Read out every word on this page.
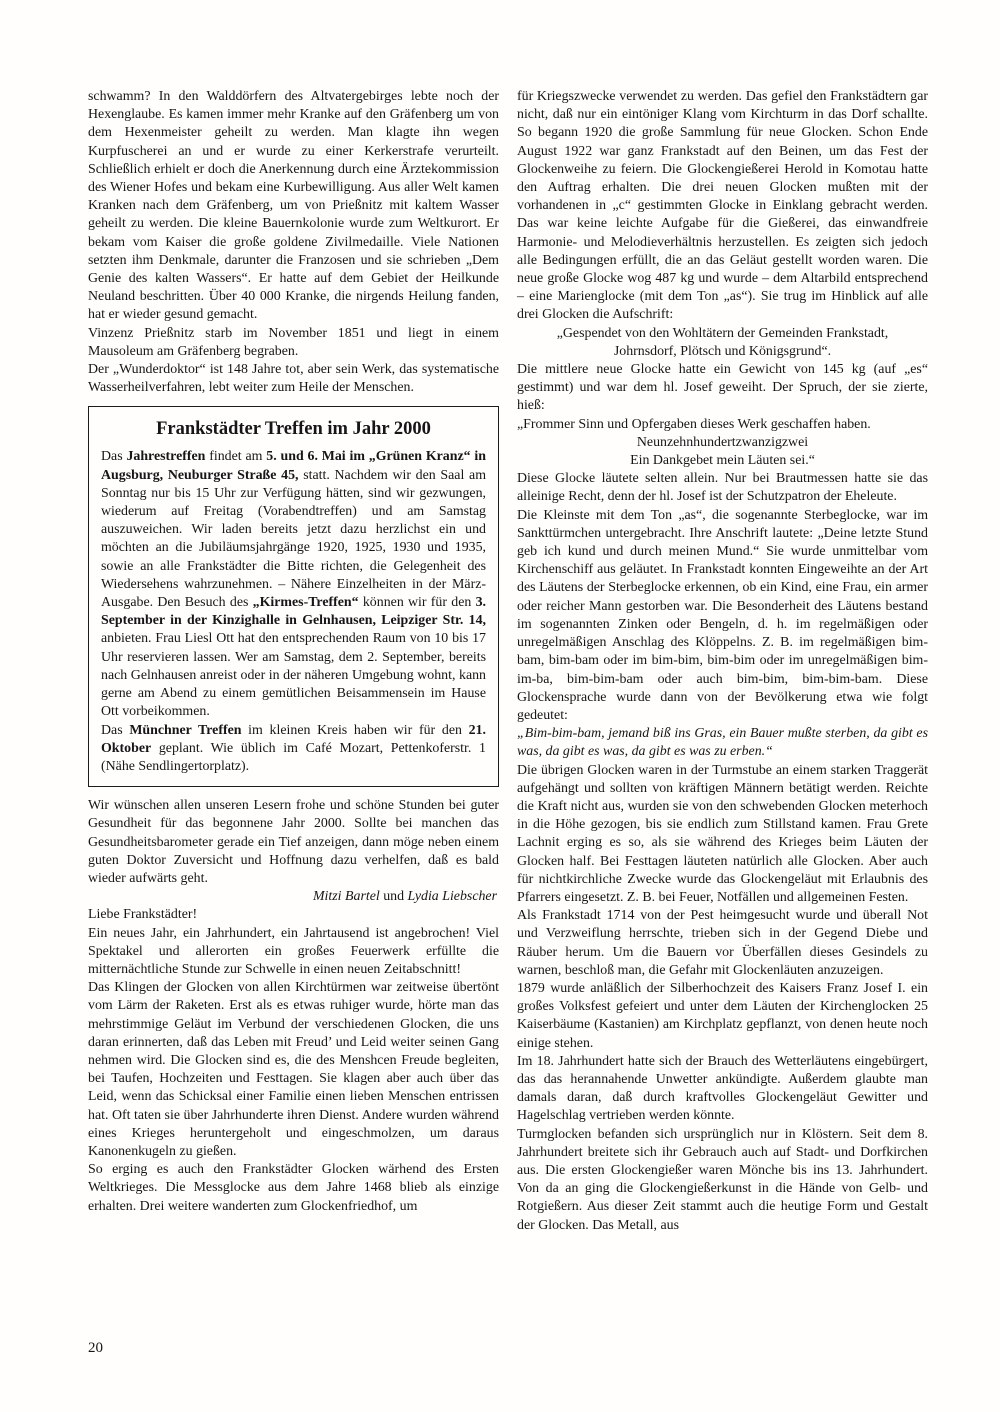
schwamm? In den Walddörfern des Altvatergebirges lebte noch der Hexenglaube. Es kamen immer mehr Kranke auf den Gräfenberg um von dem Hexenmeister geheilt zu werden. Man klagte ihn wegen Kurpfuscherei an und er wurde zu einer Kerkerstrafe verurteilt. Schließlich erhielt er doch die Anerkennung durch eine Ärztekommission des Wiener Hofes und bekam eine Kurbewilligung. Aus aller Welt kamen Kranken nach dem Gräfenberg, um von Prießnitz mit kaltem Wasser geheilt zu werden. Die kleine Bauernkolonie wurde zum Weltkurort. Er bekam vom Kaiser die große goldene Zivilmedaille. Viele Nationen setzten ihm Denkmale, darunter die Franzosen und sie schrieben „Dem Genie des kalten Wassers“. Er hatte auf dem Gebiet der Heilkunde Neuland beschritten. Über 40 000 Kranke, die nirgends Heilung fanden, hat er wieder gesund gemacht.

Vinzenz Prießnitz starb im November 1851 und liegt in einem Mausoleum am Gräfenberg begraben.

Der „Wunderdoktor“ ist 148 Jahre tot, aber sein Werk, das systematische Wasserheilverfahren, lebt weiter zum Heile der Menschen.

Frankstädter Treffen im Jahr 2000

Das Jahrestreffen findet am 5. und 6. Mai im „Grünen Kranz“ in Augsburg, Neuburger Straße 45, statt. Nachdem wir den Saal am Sonntag nur bis 15 Uhr zur Verfügung hätten, sind wir gezwungen, wiederum auf Freitag (Vorabendtreffen) und am Samstag auszuweichen. Wir laden bereits jetzt dazu herzlichst ein und möchten an die Jubiläumsjahrgänge 1920, 1925, 1930 und 1935, sowie an alle Frankstädter die Bitte richten, die Gelegenheit des Wiedersehens wahrzunehmen. – Nähere Einzelheiten in der März-Ausgabe. Den Besuch des „Kirmes-Treffen“ können wir für den 3. September in der Kinzighalle in Gelnhausen, Leipziger Str. 14, anbieten. Frau Liesl Ott hat den entsprechenden Raum von 10 bis 17 Uhr reservieren lassen. Wer am Samstag, dem 2. September, bereits nach Gelnhausen anreist oder in der näheren Umgebung wohnt, kann gerne am Abend zu einem gemütlichen Beisammensein im Hause Ott vorbeikommen.

Das Münchner Treffen im kleinen Kreis haben wir für den 21. Oktober geplant. Wie üblich im Café Mozart, Pettenkoferstr. 1 (Nähe Sendlingertorplatz).

Wir wünschen allen unseren Lesern frohe und schöne Stunden bei guter Gesundheit für das begonnene Jahr 2000. Sollte bei manchen das Gesundheitsbarometer gerade ein Tief anzeigen, dann möge neben einem guten Doktor Zuversicht und Hoffnung dazu verhelfen, daß es bald wieder aufwärts geht.

Mitzi Bartel und Lydia Liebscher

Liebe Frankstädter!

Ein neues Jahr, ein Jahrhundert, ein Jahrtausend ist angebrochen! Viel Spektakel und allerorten ein großes Feuerwerk erfüllte die mitternächtliche Stunde zur Schwelle in einen neuen Zeitabschnitt!

Das Klingen der Glocken von allen Kirchtürmen war zeitweise übertönt vom Lärm der Raketen. Erst als es etwas ruhiger wurde, hörte man das mehrstimmige Geläut im Verbund der verschiedenen Glocken, die uns daran erinnerten, daß das Leben mit Freud’ und Leid weiter seinen Gang nehmen wird. Die Glocken sind es, die des Menshcen Freude begleiten, bei Taufen, Hochzeiten und Festtagen. Sie klagen aber auch über das Leid, wenn das Schicksal einer Familie einen lieben Menschen entrissen hat. Oft taten sie über Jahrhunderte ihren Dienst. Andere wurden während eines Krieges heruntergeholt und eingeschmolzen, um daraus Kanonenkugeln zu gießen.

So erging es auch den Frankstädter Glocken wärhend des Ersten Weltkrieges. Die Messglocke aus dem Jahre 1468 blieb als einzige erhalten. Drei weitere wanderten zum Glockenfriedhof, um

für Kriegszwecke verwendet zu werden. Das gefiel den Frankstädtern gar nicht, daß nur ein eintöniger Klang vom Kirchturm in das Dorf schallte. So begann 1920 die große Sammlung für neue Glocken. Schon Ende August 1922 war ganz Frankstadt auf den Beinen, um das Fest der Glockenweihe zu feiern. Die Glockengießerei Herold in Komotau hatte den Auftrag erhalten. Die drei neuen Glocken mußten mit der vorhandenen in „c“ gestimmten Glocke in Einklang gebracht werden. Das war keine leichte Aufgabe für die Gießerei, das einwandfreie Harmonie- und Melodieverhältnis herzustellen. Es zeigten sich jedoch alle Bedingungen erfüllt, die an das Geläut gestellt worden waren. Die neue große Glocke wog 487 kg und wurde – dem Altarbild entsprechend – eine Marienglocke (mit dem Ton „as“). Sie trug im Hinblick auf alle drei Glocken die Aufschrift:

„Gespendet von den Wohltätern der Gemeinden Frankstadt,

Johrnsdorf, Plötsch und Königsgrund“.

Die mittlere neue Glocke hatte ein Gewicht von 145 kg (auf „es“ gestimmt) und war dem hl. Josef geweiht. Der Spruch, der sie zierte, hieß:

„Frommer Sinn und Opfergaben dieses Werk geschaffen haben.

Neunzehnhundertzwanzigzwei

Ein Dankgebet mein Läuten sei.“

Diese Glocke läutete selten allein. Nur bei Brautmessen hatte sie das alleinige Recht, denn der hl. Josef ist der Schutzpatron der Eheleute.

Die Kleinste mit dem Ton „as“, die sogenannte Sterbeglocke, war im Sankttürmchen untergebracht. Ihre Anschrift lautete: „Deine letzte Stund geb ich kund und durch meinen Mund.“ Sie wurde unmittelbar vom Kirchenschiff aus geläutet. In Frankstadt konnten Eingeweihte an der Art des Läutens der Sterbeglocke erkennen, ob ein Kind, eine Frau, ein armer oder reicher Mann gestorben war. Die Besonderheit des Läutens bestand im sogenannten Zinken oder Bengeln, d. h. im regelmäßigen oder unregelmäßigen Anschlag des Klöppelns. Z. B. im regelmäßigen bim-bam, bim-bam oder im bim-bim, bim-bim oder im unregelmäßigen bim-im-ba, bim-bim-bam oder auch bim-bim, bim-bim-bam. Diese Glockensprache wurde dann von der Bevölkerung etwa wie folgt gedeutet:

„Bim-bim-bam, jemand biß ins Gras, ein Bauer mußte sterben, da gibt es was, da gibt es was, da gibt es was zu erben.“

Die übrigen Glocken waren in der Turmstube an einem starken Traggerät aufgehängt und sollten von kräftigen Männern betätigt werden. Reichte die Kraft nicht aus, wurden sie von den schwebenden Glocken meterhoch in die Höhe gezogen, bis sie endlich zum Stillstand kamen. Frau Grete Lachnit erging es so, als sie während des Krieges beim Läuten der Glocken half. Bei Festtagen läuteten natürlich alle Glocken. Aber auch für nichtkirchliche Zwecke wurde das Glockengeläut mit Erlaubnis des Pfarrers eingesetzt. Z. B. bei Feuer, Notfällen und allgemeinen Festen.

Als Frankstadt 1714 von der Pest heimgesucht wurde und überall Not und Verzweiflung herrschte, trieben sich in der Gegend Diebe und Räuber herum. Um die Bauern vor Überfällen dieses Gesindels zu warnen, beschloß man, die Gefahr mit Glockenläuten anzuzeigen.

1879 wurde anläßlich der Silberhochzeit des Kaisers Franz Josef I. ein großes Volksfest gefeiert und unter dem Läuten der Kirchenglocken 25 Kaiserbäume (Kastanien) am Kirchplatz gepflanzt, von denen heute noch einige stehen.

Im 18. Jahrhundert hatte sich der Brauch des Wetterläutens eingebürgert, das das herannahende Unwetter ankündigte. Außerdem glaubte man damals daran, daß durch kraftvolles Glockengeläut Gewitter und Hagelschlag vertrieben werden könnte.

Turmglocken befanden sich ursprünglich nur in Klöstern. Seit dem 8. Jahrhundert breitete sich ihr Gebrauch auch auf Stadt- und Dorfkirchen aus. Die ersten Glockengießer waren Mönche bis ins 13. Jahrhundert. Von da an ging die Glockengießerkunst in die Hände von Gelb- und Rotgießern. Aus dieser Zeit stammt auch die heutige Form und Gestalt der Glocken. Das Metall, aus

20
